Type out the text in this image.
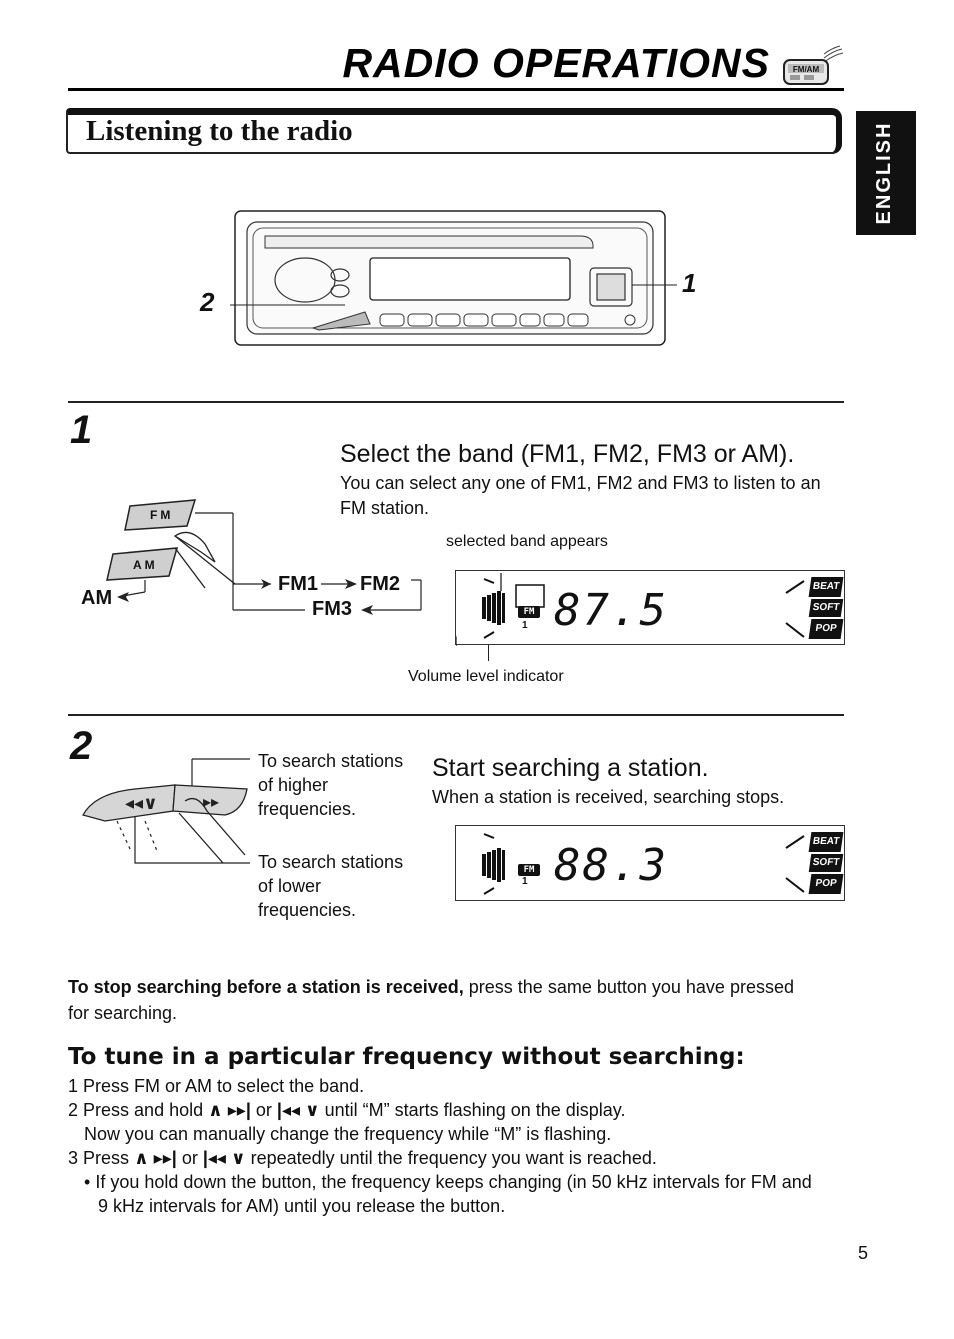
RADIO OPERATIONS	FM/AM
Listening to the radio	ENGLISH
2
1
1
Select the band (FM1, FM2, FM3 or AM).
You can select any one of FM1, FM2 and FM3 to listen to an
FM station.
FM
AM
AM
FM1 FM2
FM3
selected band appears
FM
1 87.5	BEAT
SOFT
POP
Volume level indicator
2
◂◂∨	▸▸
To search stations
of higher
frequencies.
To search stations
of lower
frequencies.
Start searching a station.
When a station is received, searching stops.
FM
1 88.3	BEAT
SOFT
POP
To stop searching before a station is received, press the same button you have pressed
for searching.
To tune in a particular frequency without searching:
1 Press FM or AM to select the band.
2 Press and hold ∧ ▸▸| or |◂◂ ∨ until “M” starts flashing on the display.
Now you can manually change the frequency while “M” is flashing.
3 Press ∧ ▸▸| or |◂◂ ∨ repeatedly until the frequency you want is reached.
• If you hold down the button, the frequency keeps changing (in 50 kHz intervals for FM and
9 kHz intervals for AM) until you release the button.
5
